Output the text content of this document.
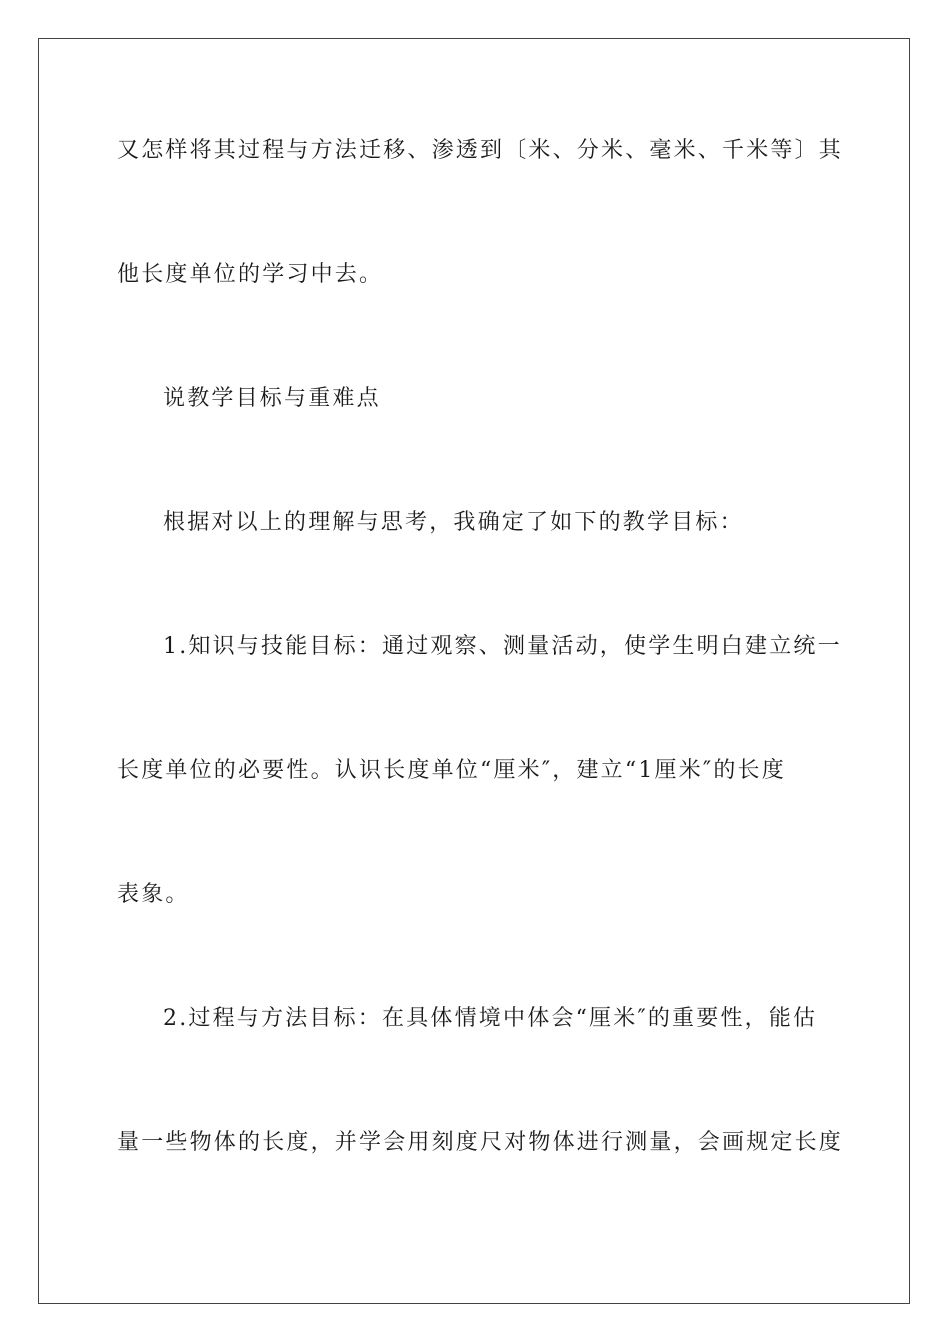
又怎样将其过程与方法迁移、渗透到〔米、分米、毫米、千米等〕其
他长度单位的学习中去。
说教学目标与重难点
根据对以上的理解与思考，我确定了如下的教学目标：
1.知识与技能目标：通过观察、测量活动，使学生明白建立统一
长度单位的必要性。认识长度单位“厘米″，建立“1厘米″的长度
表象。
2.过程与方法目标：在具体情境中体会“厘米″的重要性，能估
量一些物体的长度，并学会用刻度尺对物体进行测量，会画规定长度
